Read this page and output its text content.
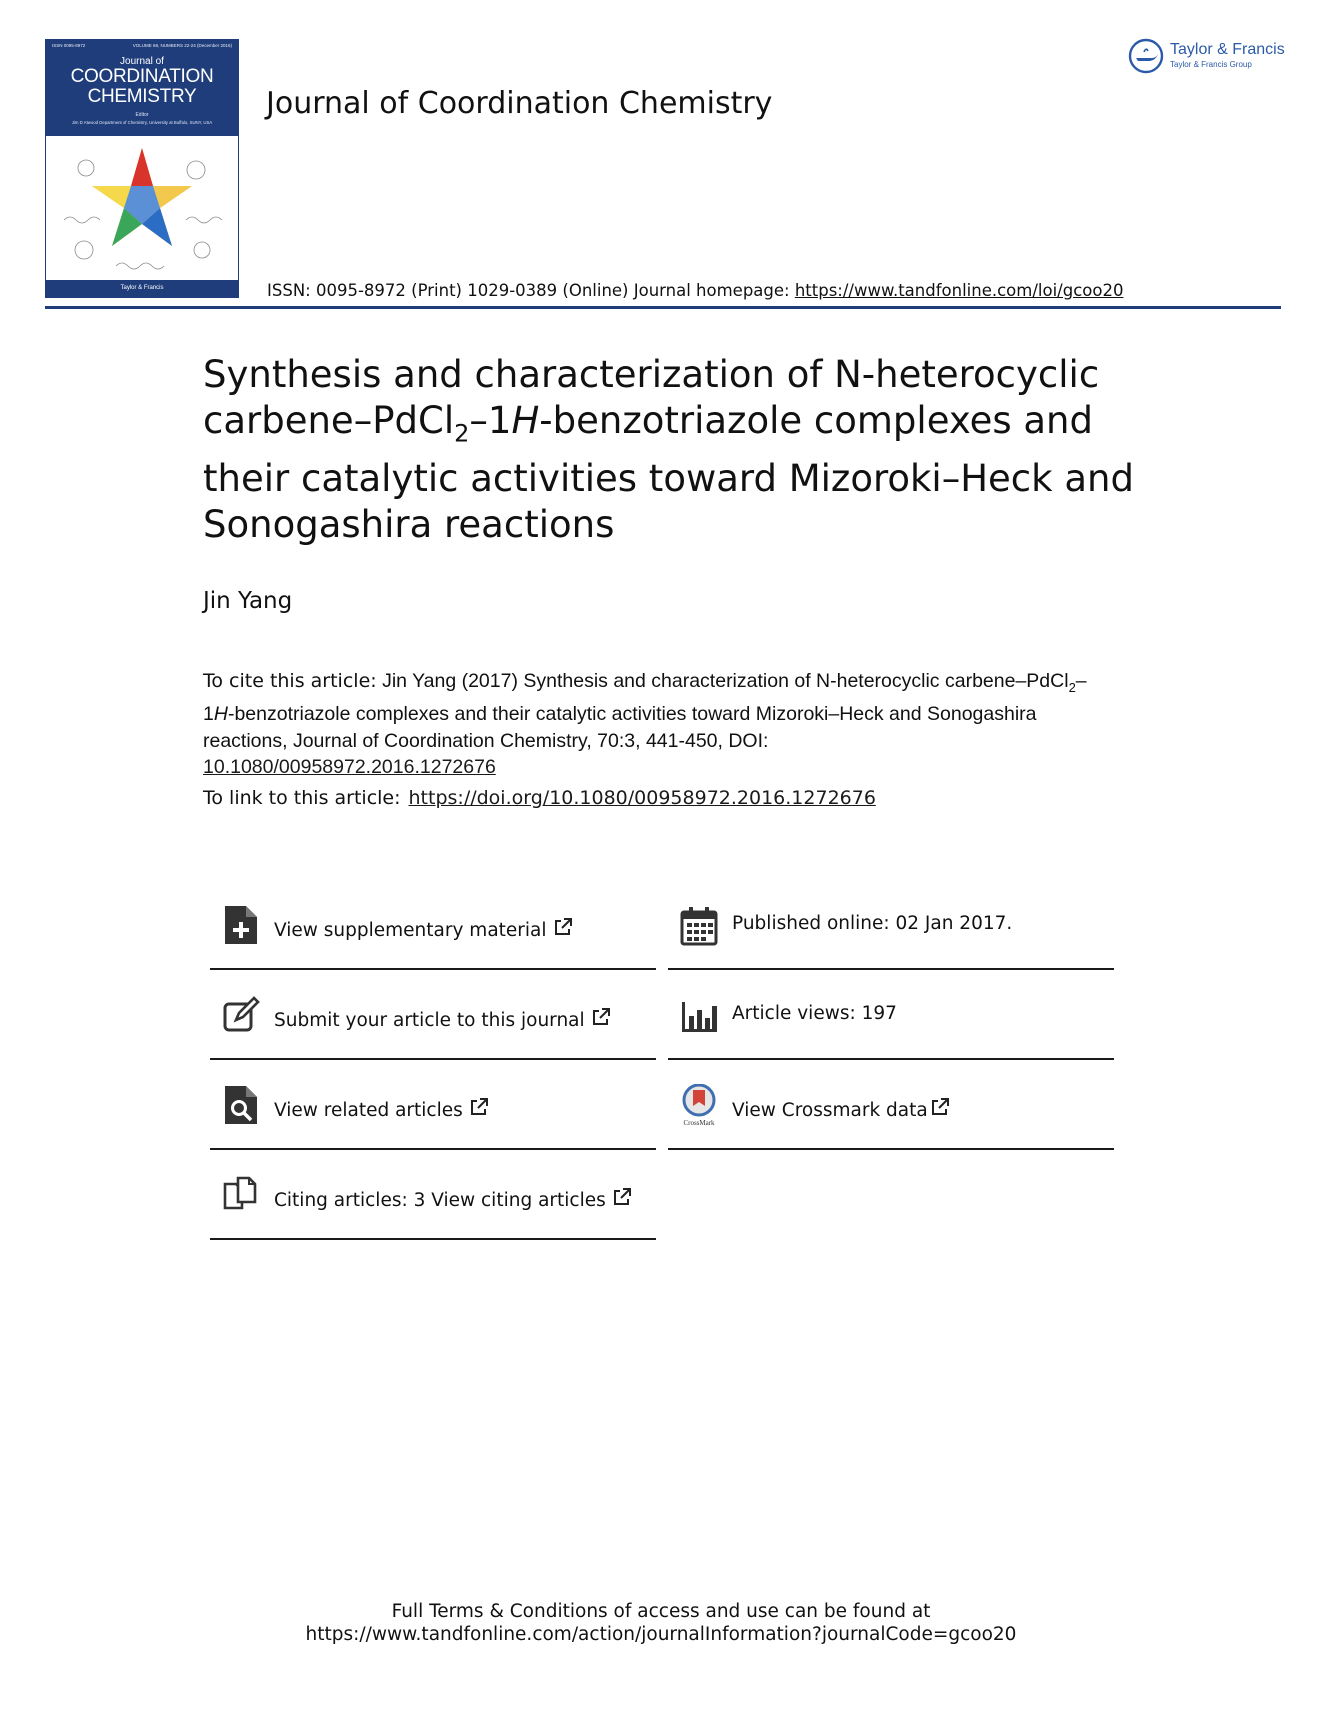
ISSN 0095-8972	VOLUME 69, NUMBERS 22-24 (December 2016)
Journal of
COORDINATION
CHEMISTRY
Editor
Jim D Atwood Department of Chemistry, University at Buffalo, SUNY, USA
Taylor & Francis
Journal of Coordination Chemistry
Taylor & Francis
Taylor & Francis Group
ISSN: 0095-8972 (Print) 1029-0389 (Online) Journal homepage: https://www.tandfonline.com/loi/gcoo20
Synthesis and characterization of N-heterocyclic carbene–PdCl$_2$–1H-benzotriazole complexes and their catalytic activities toward Mizoroki–Heck and Sonogashira reactions
Jin Yang
To cite this article: Jin Yang (2017) Synthesis and characterization of N-heterocyclic carbene–PdCl$_2$–1H-benzotriazole complexes and their catalytic activities toward Mizoroki–Heck and Sonogashira reactions, Journal of Coordination Chemistry, 70:3, 441-450, DOI:
10.1080/00958972.2016.1272676
To link to this article: https://doi.org/10.1080/00958972.2016.1272676
View supplementary material
Submit your article to this journal
View related articles
Citing articles: 3 View citing articles
Published online: 02 Jan 2017.
Article views: 197
CrossMark
View Crossmark data
Full Terms & Conditions of access and use can be found at
https://www.tandfonline.com/action/journalInformation?journalCode=gcoo20
